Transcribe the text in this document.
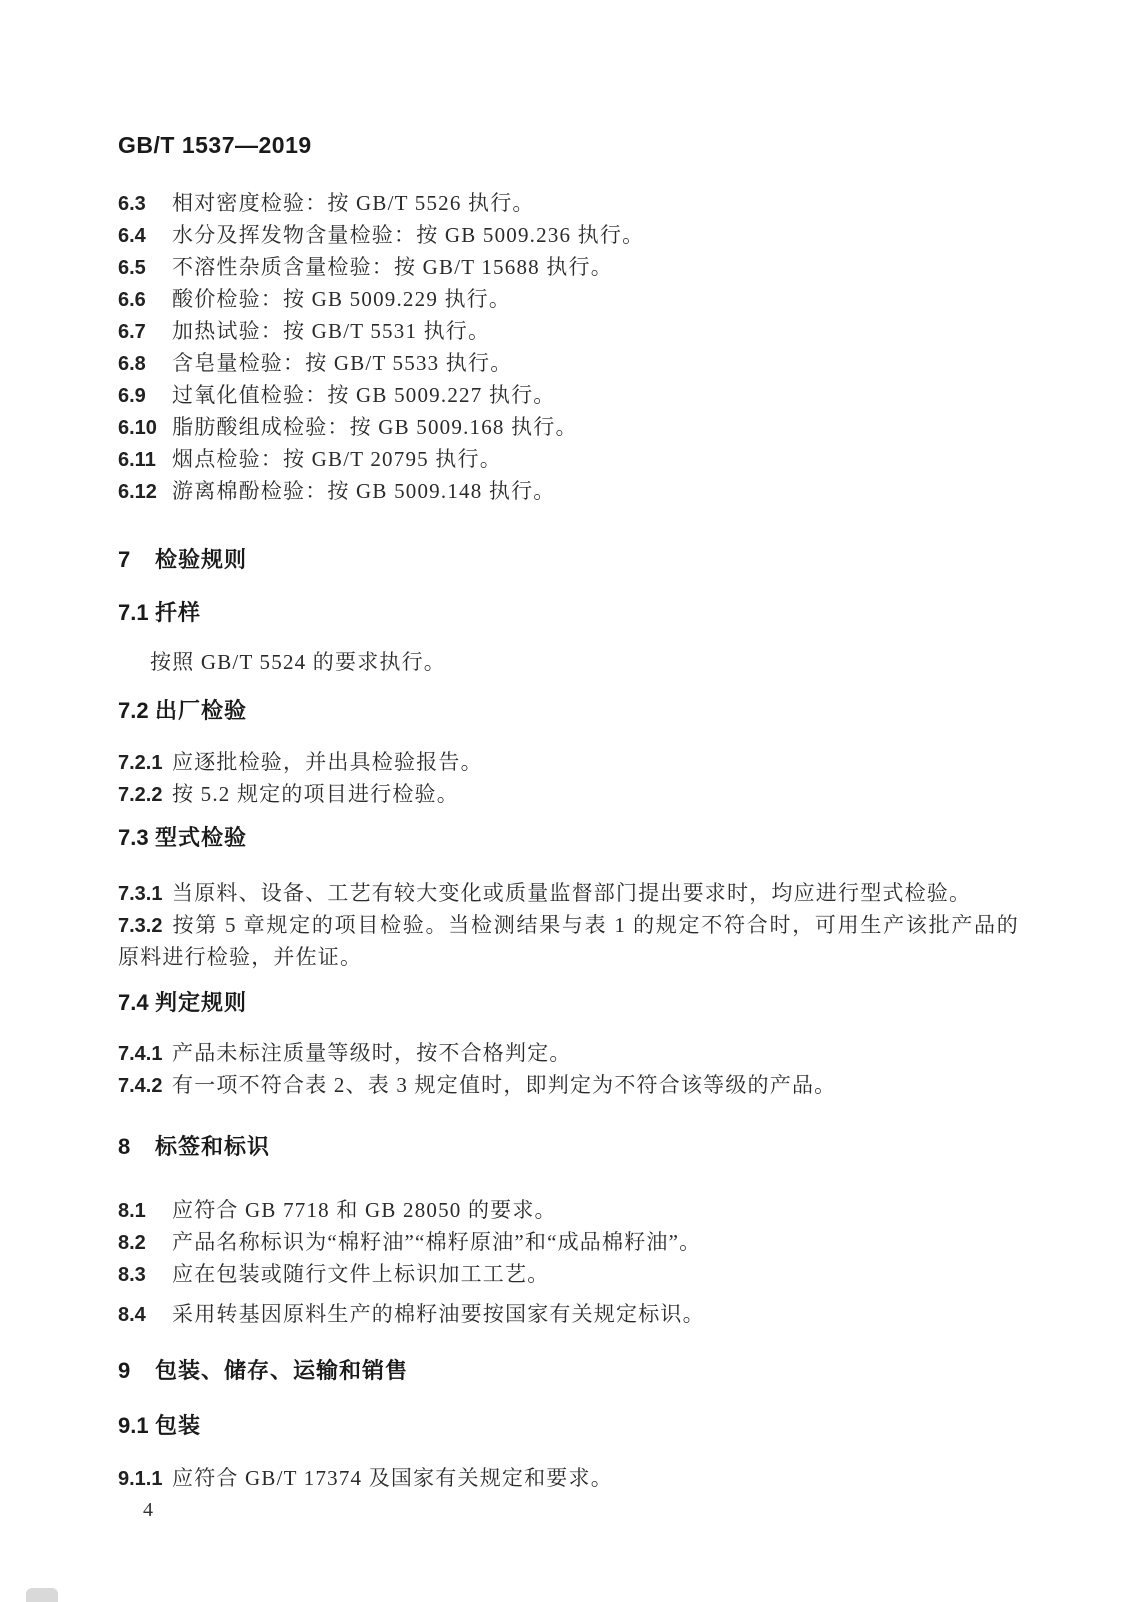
GB/T 1537—2019

6.3 相对密度检验：按 GB/T 5526 执行。

6.4 水分及挥发物含量检验：按 GB 5009.236 执行。

6.5 不溶性杂质含量检验：按 GB/T 15688 执行。

6.6 酸价检验：按 GB 5009.229 执行。

6.7 加热试验：按 GB/T 5531 执行。

6.8 含皂量检验：按 GB/T 5533 执行。

6.9 过氧化值检验：按 GB 5009.227 执行。

6.10 脂肪酸组成检验：按 GB 5009.168 执行。

6.11 烟点检验：按 GB/T 20795 执行。

6.12 游离棉酚检验：按 GB 5009.148 执行。

7 检验规则
7.1 扦样

按照 GB/T 5524 的要求执行。

7.2 出厂检验

7.2.1 应逐批检验，并出具检验报告。

7.2.2 按 5.2 规定的项目进行检验。

7.3 型式检验

7.3.1 当原料、设备、工艺有较大变化或质量监督部门提出要求时，均应进行型式检验。

7.3.2 按第 5 章规定的项目检验。当检测结果与表 1 的规定不符合时，可用生产该批产品的原料进行检验，并佐证。

7.4 判定规则

7.4.1 产品未标注质量等级时，按不合格判定。

7.4.2 有一项不符合表 2、表 3 规定值时，即判定为不符合该等级的产品。

8 标签和标识

8.1 应符合 GB 7718 和 GB 28050 的要求。

8.2 产品名称标识为“棉籽油”“棉籽原油”和“成品棉籽油”。

8.3 应在包装或随行文件上标识加工工艺。

8.4 采用转基因原料生产的棉籽油要按国家有关规定标识。

9 包装、储存、运输和销售
9.1 包装

9.1.1 应符合 GB/T 17374 及国家有关规定和要求。

4
